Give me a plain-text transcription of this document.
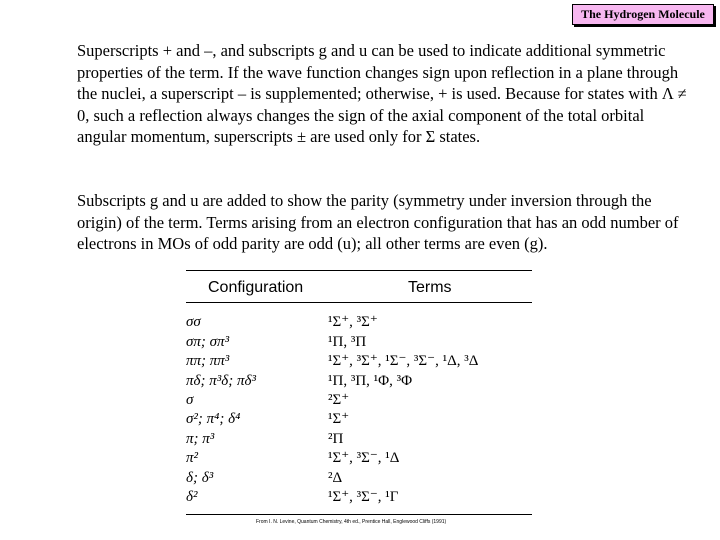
The Hydrogen Molecule

Superscripts + and –, and subscripts g and u can be used to indicate additional symmetric properties of the term. If the wave function changes sign upon reflection in a plane through the nuclei, a superscript – is supplemented; otherwise, + is used. Because for states with Λ ≠ 0, such a reflection always changes the sign of the axial component of the total orbital angular momentum, superscripts ± are used only for Σ states.

Subscripts g and u are added to show the parity (symmetry under inversion through the origin) of the term. Terms arising from an electron configuration that has an odd number of electrons in MOs of odd parity are odd (u); all other terms are even (g).

Configuration	Terms
σσ	¹Σ⁺, ³Σ⁺
σπ; σπ³	¹Π, ³Π
ππ; ππ³	¹Σ⁺, ³Σ⁺, ¹Σ⁻, ³Σ⁻, ¹Δ, ³Δ
πδ; π³δ; πδ³	¹Π, ³Π, ¹Φ, ³Φ
σ	²Σ⁺
σ²; π⁴; δ⁴	¹Σ⁺
π; π³	²Π
π²	¹Σ⁺, ³Σ⁻, ¹Δ
δ; δ³	²Δ
δ²	¹Σ⁺, ³Σ⁻, ¹Γ
From I. N. Levine, Quantum Chemistry, 4th ed., Prentice Hall, Englewood Cliffs (1991)
